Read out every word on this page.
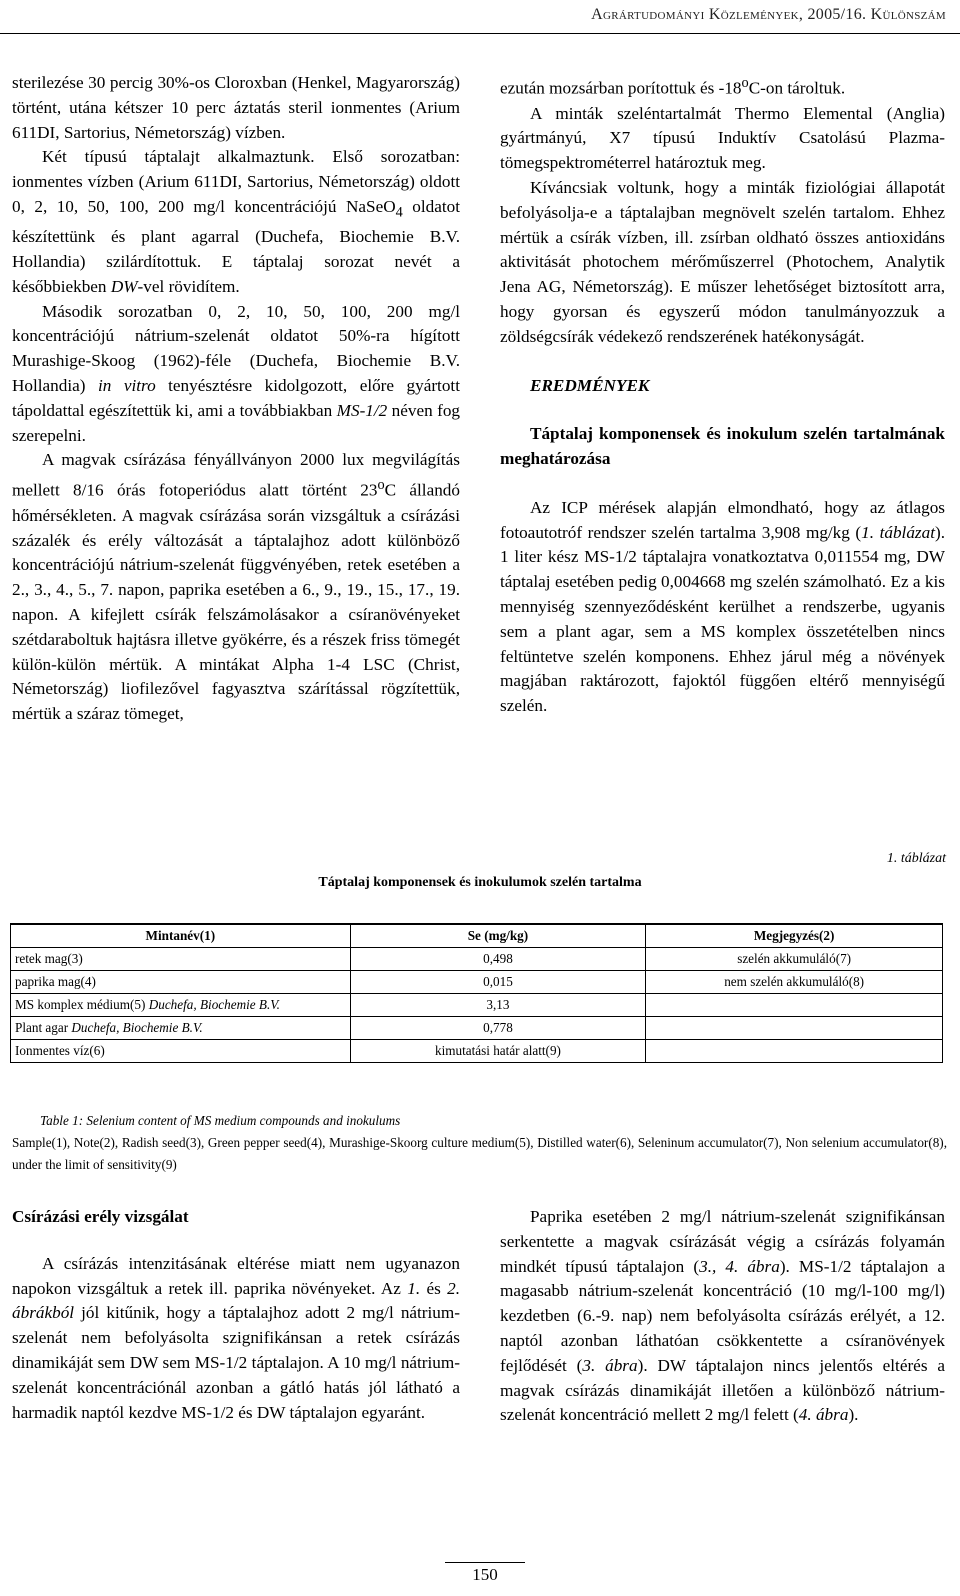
Agrártudományi Közlemények, 2005/16. Különszám

sterilezése 30 percig 30%-os Cloroxban (Henkel, Magyarország) történt, utána kétszer 10 perc áztatás steril ionmentes (Arium 611DI, Sartorius, Németország) vízben.

Két típusú táptalajt alkalmaztunk. Első sorozatban: ionmentes vízben (Arium 611DI, Sartorius, Németország) oldott 0, 2, 10, 50, 100, 200 mg/l koncentrációjú NaSeO$_4$ oldatot készítettünk és plant agarral (Duchefa, Biochemie B.V. Hollandia) szilárdítottuk. E táptalaj sorozat nevét a későbbiekben DW-vel rövidítem.

Második sorozatban 0, 2, 10, 50, 100, 200 mg/l koncentrációjú nátrium-szelenát oldatot 50%-ra hígított Murashige-Skoog (1962)-féle (Duchefa, Biochemie B.V. Hollandia) in vitro tenyésztésre kidolgozott, előre gyártott tápoldattal egészítettük ki, ami a továbbiakban MS-1/2 néven fog szerepelni.

A magvak csírázása fényállványon 2000 lux megvilágítás mellett 8/16 órás fotoperiódus alatt történt 23$^o$C állandó hőmérsékleten. A magvak csírázása során vizsgáltuk a csírázási százalék és erély változását a táptalajhoz adott különböző koncentrációjú nátrium-szelenát függvényében, retek esetében a 2., 3., 4., 5., 7. napon, paprika esetében a 6., 9., 19., 15., 17., 19. napon. A kifejlett csírák felszámolásakor a csíranövényeket szétdaraboltuk hajtásra illetve gyökérre, és a részek friss tömegét külön-külön mértük. A mintákat Alpha 1-4 LSC (Christ, Németország) liofilezővel fagyasztva szárítással rögzítettük, mértük a száraz tömeget,

ezután mozsárban porítottuk és -18$^o$C-on tároltuk.

A minták szeléntartalmát Thermo Elemental (Anglia) gyártmányú, X7 típusú Induktív Csatolású Plazma-tömegspektrométerrel határoztuk meg.

Kíváncsiak voltunk, hogy a minták fiziológiai állapotát befolyásolja-e a táptalajban megnövelt szelén tartalom. Ehhez mértük a csírák vízben, ill. zsírban oldható összes antioxidáns aktivitását photochem mérőműszerrel (Photochem, Analytik Jena AG, Németország). E műszer lehetőséget biztosított arra, hogy gyorsan és egyszerű módon tanulmányozzuk a zöldségcsírák védekező rendszerének hatékonyságát.

EREDMÉNYEK

Táptalaj komponensek és inokulum szelén tartalmának meghatározása

Az ICP mérések alapján elmondható, hogy az átlagos fotoautotróf rendszer szelén tartalma 3,908 mg/kg (1. táblázat). 1 liter kész MS-1/2 táptalajra vonatkoztatva 0,011554 mg, DW táptalaj esetében pedig 0,004668 mg szelén számolható. Ez a kis mennyiség szennyeződésként kerülhet a rendszerbe, ugyanis sem a plant agar, sem a MS komplex összetételben nincs feltüntetve szelén komponens. Ehhez járul még a növények magjában raktározott, fajoktól függően eltérő mennyiségű szelén.

1. táblázat
Táptalaj komponensek és inokulumok szelén tartalma
Mintanév(1)	Se (mg/kg)	Megjegyzés(2)
retek mag(3)	0,498	szelén akkumuláló(7)
paprika mag(4)	0,015	nem szelén akkumuláló(8)
MS komplex médium(5) Duchefa, Biochemie B.V.	3,13	
Plant agar Duchefa, Biochemie B.V.	0,778	
Ionmentes víz(6)	kimutatási határ alatt(9)	
Table 1: Selenium content of MS medium compounds and inokulums
Sample(1), Note(2), Radish seed(3), Green pepper seed(4), Murashige-Skoorg culture medium(5), Distilled water(6), Seleninum accumulator(7), Non selenium accumulator(8), under the limit of sensitivity(9)
Csírázási erély vizsgálat

A csírázás intenzitásának eltérése miatt nem ugyanazon napokon vizsgáltuk a retek ill. paprika növényeket. Az 1. és 2. ábrákból jól kitűnik, hogy a táptalajhoz adott 2 mg/l nátrium-szelenát nem befolyásolta szignifikánsan a retek csírázás dinamikáját sem DW sem MS-1/2 táptalajon. A 10 mg/l nátrium-szelenát koncentrációnál azonban a gátló hatás jól látható a harmadik naptól kezdve MS-1/2 és DW táptalajon egyaránt.

Paprika esetében 2 mg/l nátrium-szelenát szignifikánsan serkentette a magvak csírázását végig a csírázás folyamán mindkét típusú táptalajon (3., 4. ábra). MS-1/2 táptalajon a magasabb nátrium-szelenát koncentráció (10 mg/l-100 mg/l) kezdetben (6.-9. nap) nem befolyásolta csírázás erélyét, a 12. naptól azonban láthatóan csökkentette a csíranövények fejlődését (3. ábra). DW táptalajon nincs jelentős eltérés a magvak csírázás dinamikáját illetően a különböző nátrium-szelenát koncentráció mellett 2 mg/l felett (4. ábra).

150
